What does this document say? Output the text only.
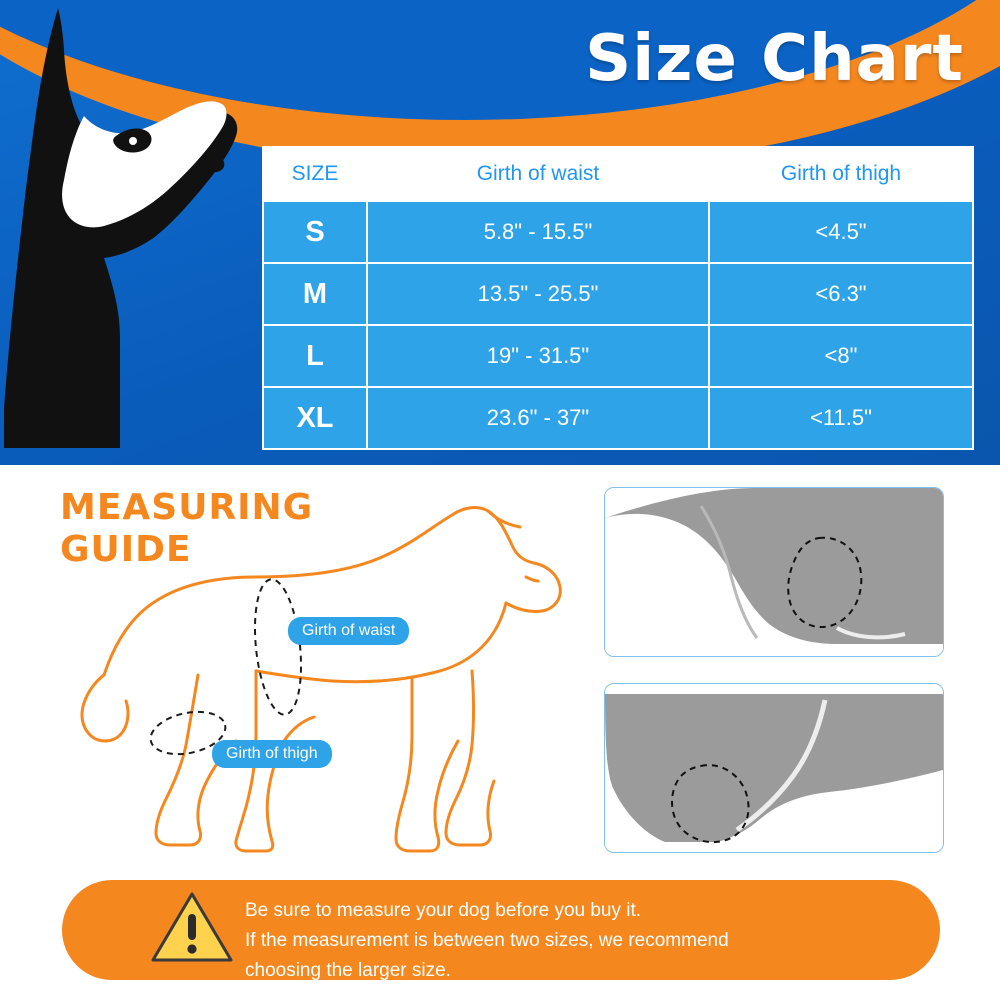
Size Chart
SIZE	Girth of waist	Girth of thigh
S	5.8" - 15.5"	<4.5"
M	13.5" - 25.5"	<6.3"
L	19" - 31.5"	<8"
XL	23.6" - 37"	<11.5"
MEASURING
GUIDE
Girth of waist
Girth of thigh
Be sure to measure your dog before you buy it.
If the measurement is between two sizes, we recommend
choosing the larger size.
